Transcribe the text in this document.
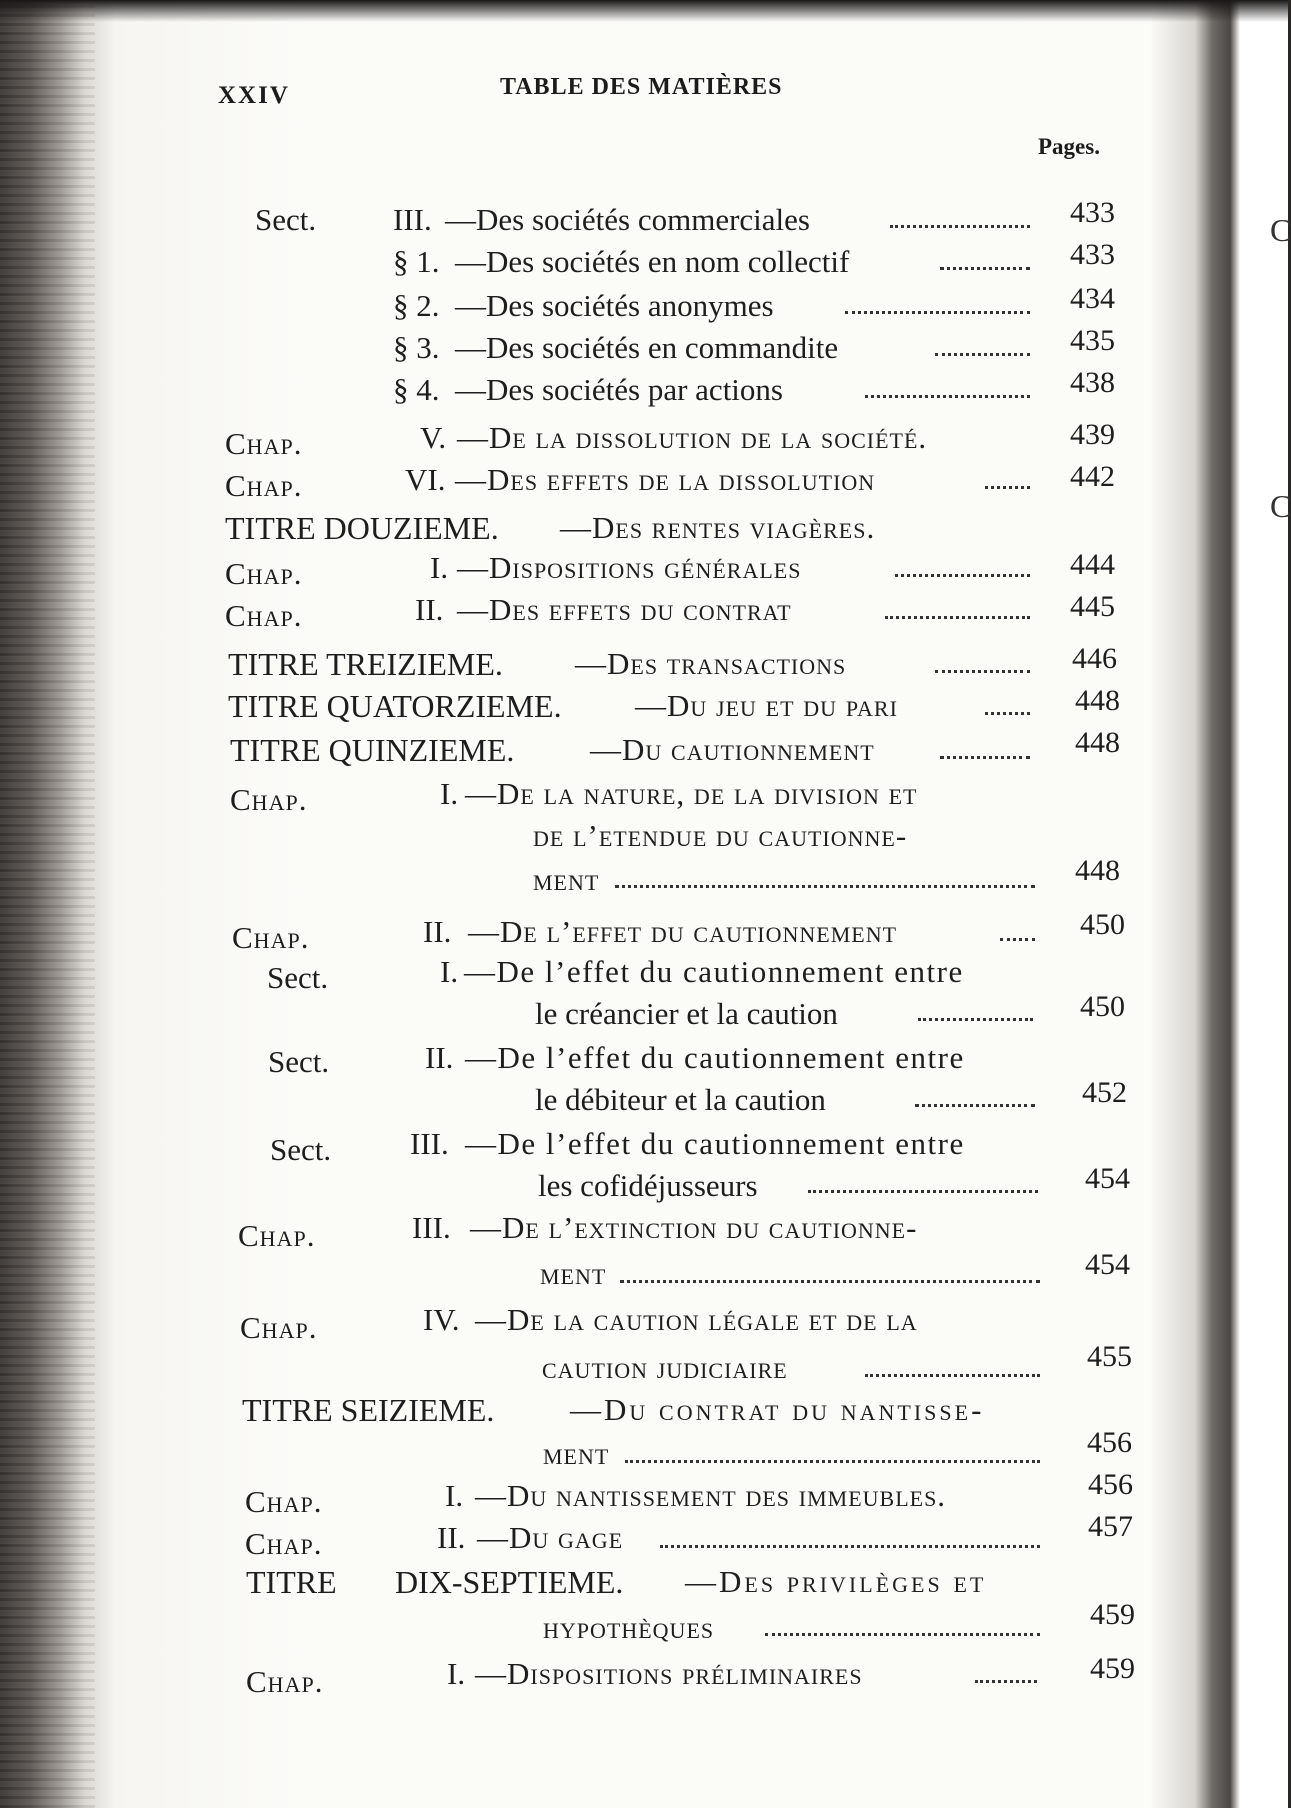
C
C
XXIV	TABLE DES MATIÈRES
Pages.
Sect. III. —Des sociétés commerciales	433
§ 1. —Des sociétés en nom collectif	433
§ 2. —Des sociétés anonymes	434
§ 3. —Des sociétés en commandite	435
§ 4. —Des sociétés par actions	438
Chap.	V. —De la dissolution de la société.	439
Chap.	VI. —Des effets de la dissolution	442
TITRE DOUZIEME. —Des rentes viagères.
Chap.	I. —Dispositions générales	444
Chap.	II. —Des effets du contrat	445
TITRE TREIZIEME. —Des transactions	446
TITRE QUATORZIEME. —Du jeu et du pari	448
TITRE QUINZIEME. —Du cautionnement	448
Chap.	I. —De la nature, de la division et
de l’etendue du cautionne-
ment	448
Chap.	II. —De l’effet du cautionnement	450
Sect.	I. —De l’effet du cautionnement entre
le créancier et la caution	450
Sect.	II. —De l’effet du cautionnement entre
le débiteur et la caution	452
Sect.	III. —De l’effet du cautionnement entre
les cofidéjusseurs	454
Chap.	III. —De l’extinction du cautionne-
ment	454
Chap.	IV. —De la caution légale et de la
caution judiciaire	455
TITRE SEIZIEME. —Du contrat du nantisse-
ment	456
Chap.	I. —Du nantissement des immeubles.	456
Chap.	II. —Du gage	457
TITRE DIX-SEPTIEME. —Des privilèges et
hypothèques	459
Chap.	I. —Dispositions préliminaires	459
